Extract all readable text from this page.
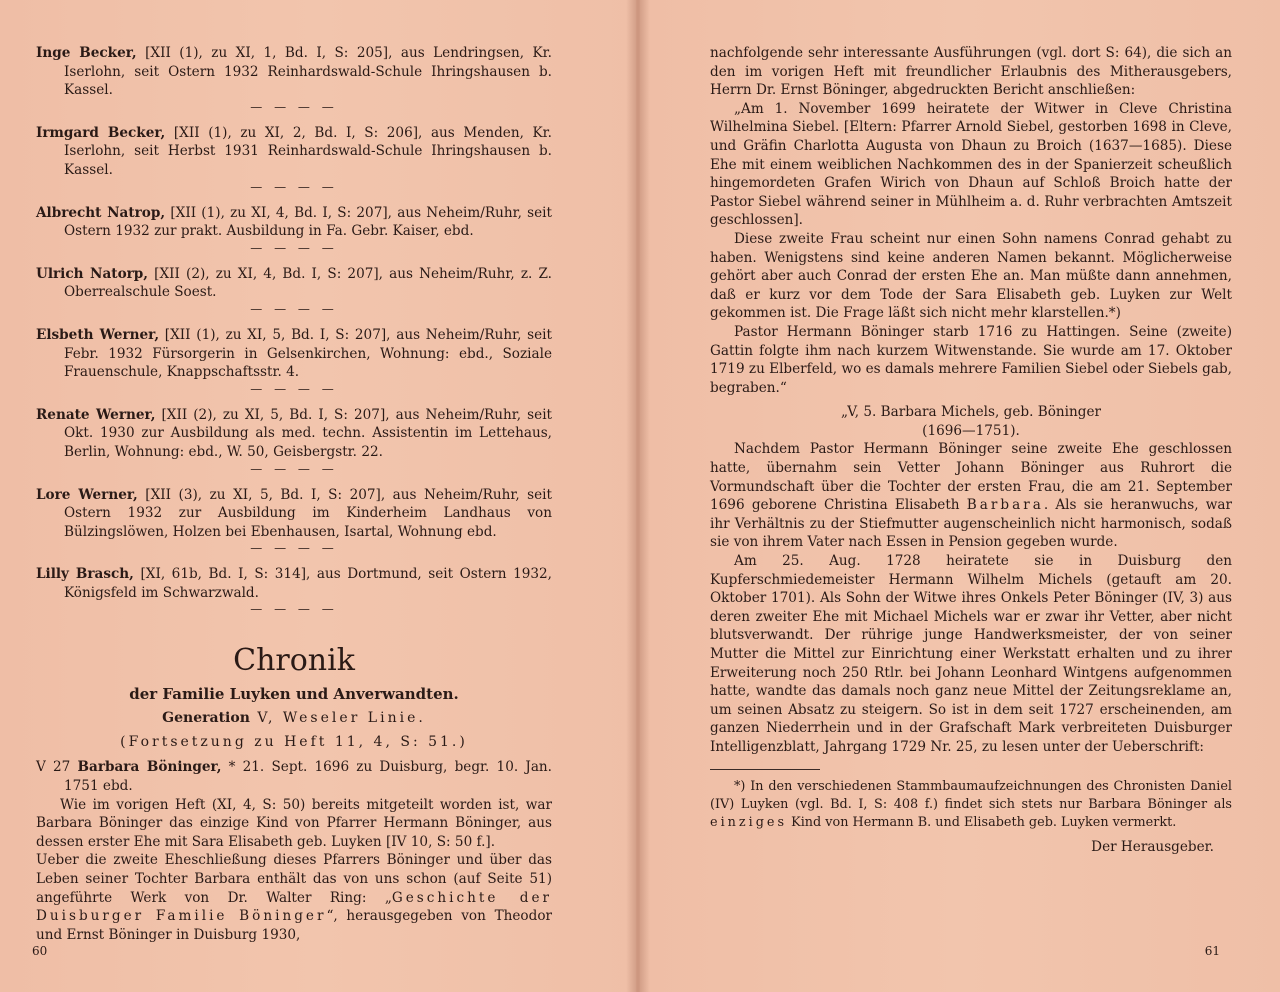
Inge Becker, [XII (1), zu XI, 1, Bd. I, S: 205], aus Lendringsen, Kr. Iserlohn, seit Ostern 1932 Reinhardswald-Schule Ihringshausen b. Kassel.

— — — —

Irmgard Becker, [XII (1), zu XI, 2, Bd. I, S: 206], aus Menden, Kr. Iserlohn, seit Herbst 1931 Reinhardswald-Schule Ihringshausen b. Kassel.

— — — —

Albrecht Natrop, [XII (1), zu XI, 4, Bd. I, S: 207], aus Neheim/Ruhr, seit Ostern 1932 zur prakt. Ausbildung in Fa. Gebr. Kaiser, ebd.

— — — —

Ulrich Natorp, [XII (2), zu XI, 4, Bd. I, S: 207], aus Neheim/Ruhr, z. Z. Oberrealschule Soest.

— — — —

Elsbeth Werner, [XII (1), zu XI, 5, Bd. I, S: 207], aus Neheim/Ruhr, seit Febr. 1932 Fürsorgerin in Gelsenkirchen, Wohnung: ebd., Soziale Frauenschule, Knappschaftsstr. 4.

— — — —

Renate Werner, [XII (2), zu XI, 5, Bd. I, S: 207], aus Neheim/Ruhr, seit Okt. 1930 zur Ausbildung als med. techn. Assistentin im Lettehaus, Berlin, Wohnung: ebd., W. 50, Geisbergstr. 22.

— — — —

Lore Werner, [XII (3), zu XI, 5, Bd. I, S: 207], aus Neheim/Ruhr, seit Ostern 1932 zur Ausbildung im Kinderheim Landhaus von Bülzingslöwen, Holzen bei Ebenhausen, Isartal, Wohnung ebd.

— — — —

Lilly Brasch, [XI, 61b, Bd. I, S: 314], aus Dortmund, seit Ostern 1932, Königsfeld im Schwarzwald.

— — — —
Chronik
der Familie Luyken und Anverwandten.
Generation V, Weseler Linie.
(Fortsetzung zu Heft 11, 4, S: 51.)

V 27 Barbara Böninger, * 21. Sept. 1696 zu Duisburg, begr. 10. Jan. 1751 ebd.

Wie im vorigen Heft (XI, 4, S: 50) bereits mitgeteilt worden ist, war Barbara Böninger das einzige Kind von Pfarrer Hermann Böninger, aus dessen erster Ehe mit Sara Elisabeth geb. Luyken [IV 10, S: 50 f.].

Ueber die zweite Eheschließung dieses Pfarrers Böninger und über das Leben seiner Tochter Barbara enthält das von uns schon (auf Seite 51) angeführte Werk von Dr. Walter Ring: „Geschichte der Duisburger Familie Böninger“, herausgegeben von Theodor und Ernst Böninger in Duisburg 1930,

60

nachfolgende sehr interessante Ausführungen (vgl. dort S: 64), die sich an den im vorigen Heft mit freundlicher Erlaubnis des Mitherausgebers, Herrn Dr. Ernst Böninger, abgedruckten Bericht anschließen:

„Am 1. November 1699 heiratete der Witwer in Cleve Christina Wilhelmina Siebel. [Eltern: Pfarrer Arnold Siebel, gestorben 1698 in Cleve, und Gräfin Charlotta Augusta von Dhaun zu Broich (1637—1685). Diese Ehe mit einem weiblichen Nachkommen des in der Spanierzeit scheußlich hingemordeten Grafen Wirich von Dhaun auf Schloß Broich hatte der Pastor Siebel während seiner in Mühlheim a. d. Ruhr verbrachten Amtszeit geschlossen].

Diese zweite Frau scheint nur einen Sohn namens Conrad gehabt zu haben. Wenigstens sind keine anderen Namen bekannt. Möglicherweise gehört aber auch Conrad der ersten Ehe an. Man müßte dann annehmen, daß er kurz vor dem Tode der Sara Elisabeth geb. Luyken zur Welt gekommen ist. Die Frage läßt sich nicht mehr klarstellen.*)

Pastor Hermann Böninger starb 1716 zu Hattingen. Seine (zweite) Gattin folgte ihm nach kurzem Witwenstande. Sie wurde am 17. Oktober 1719 zu Elberfeld, wo es damals mehrere Familien Siebel oder Siebels gab, begraben.“

„V, 5. Barbara Michels, geb. Böninger

(1696—1751).

Nachdem Pastor Hermann Böninger seine zweite Ehe geschlossen hatte, übernahm sein Vetter Johann Böninger aus Ruhrort die Vormundschaft über die Tochter der ersten Frau, die am 21. September 1696 geborene Christina Elisabeth Barbara. Als sie heranwuchs, war ihr Verhältnis zu der Stiefmutter augenscheinlich nicht harmonisch, sodaß sie von ihrem Vater nach Essen in Pension gegeben wurde.

Am 25. Aug. 1728 heiratete sie in Duisburg den Kupferschmiedemeister Hermann Wilhelm Michels (getauft am 20. Oktober 1701). Als Sohn der Witwe ihres Onkels Peter Böninger (IV, 3) aus deren zweiter Ehe mit Michael Michels war er zwar ihr Vetter, aber nicht blutsverwandt. Der rührige junge Handwerksmeister, der von seiner Mutter die Mittel zur Einrichtung einer Werkstatt erhalten und zu ihrer Erweiterung noch 250 Rtlr. bei Johann Leonhard Wintgens aufgenommen hatte, wandte das damals noch ganz neue Mittel der Zeitungsreklame an, um seinen Absatz zu steigern. So ist in dem seit 1727 erscheinenden, am ganzen Niederrhein und in der Grafschaft Mark verbreiteten Duisburger Intelligenzblatt, Jahrgang 1729 Nr. 25, zu lesen unter der Ueberschrift:

*) In den verschiedenen Stammbaumaufzeichnungen des Chronisten Daniel (IV) Luyken (vgl. Bd. I, S: 408 f.) findet sich stets nur Barbara Böninger als einziges Kind von Hermann B. und Elisabeth geb. Luyken vermerkt.

Der Herausgeber.

61
